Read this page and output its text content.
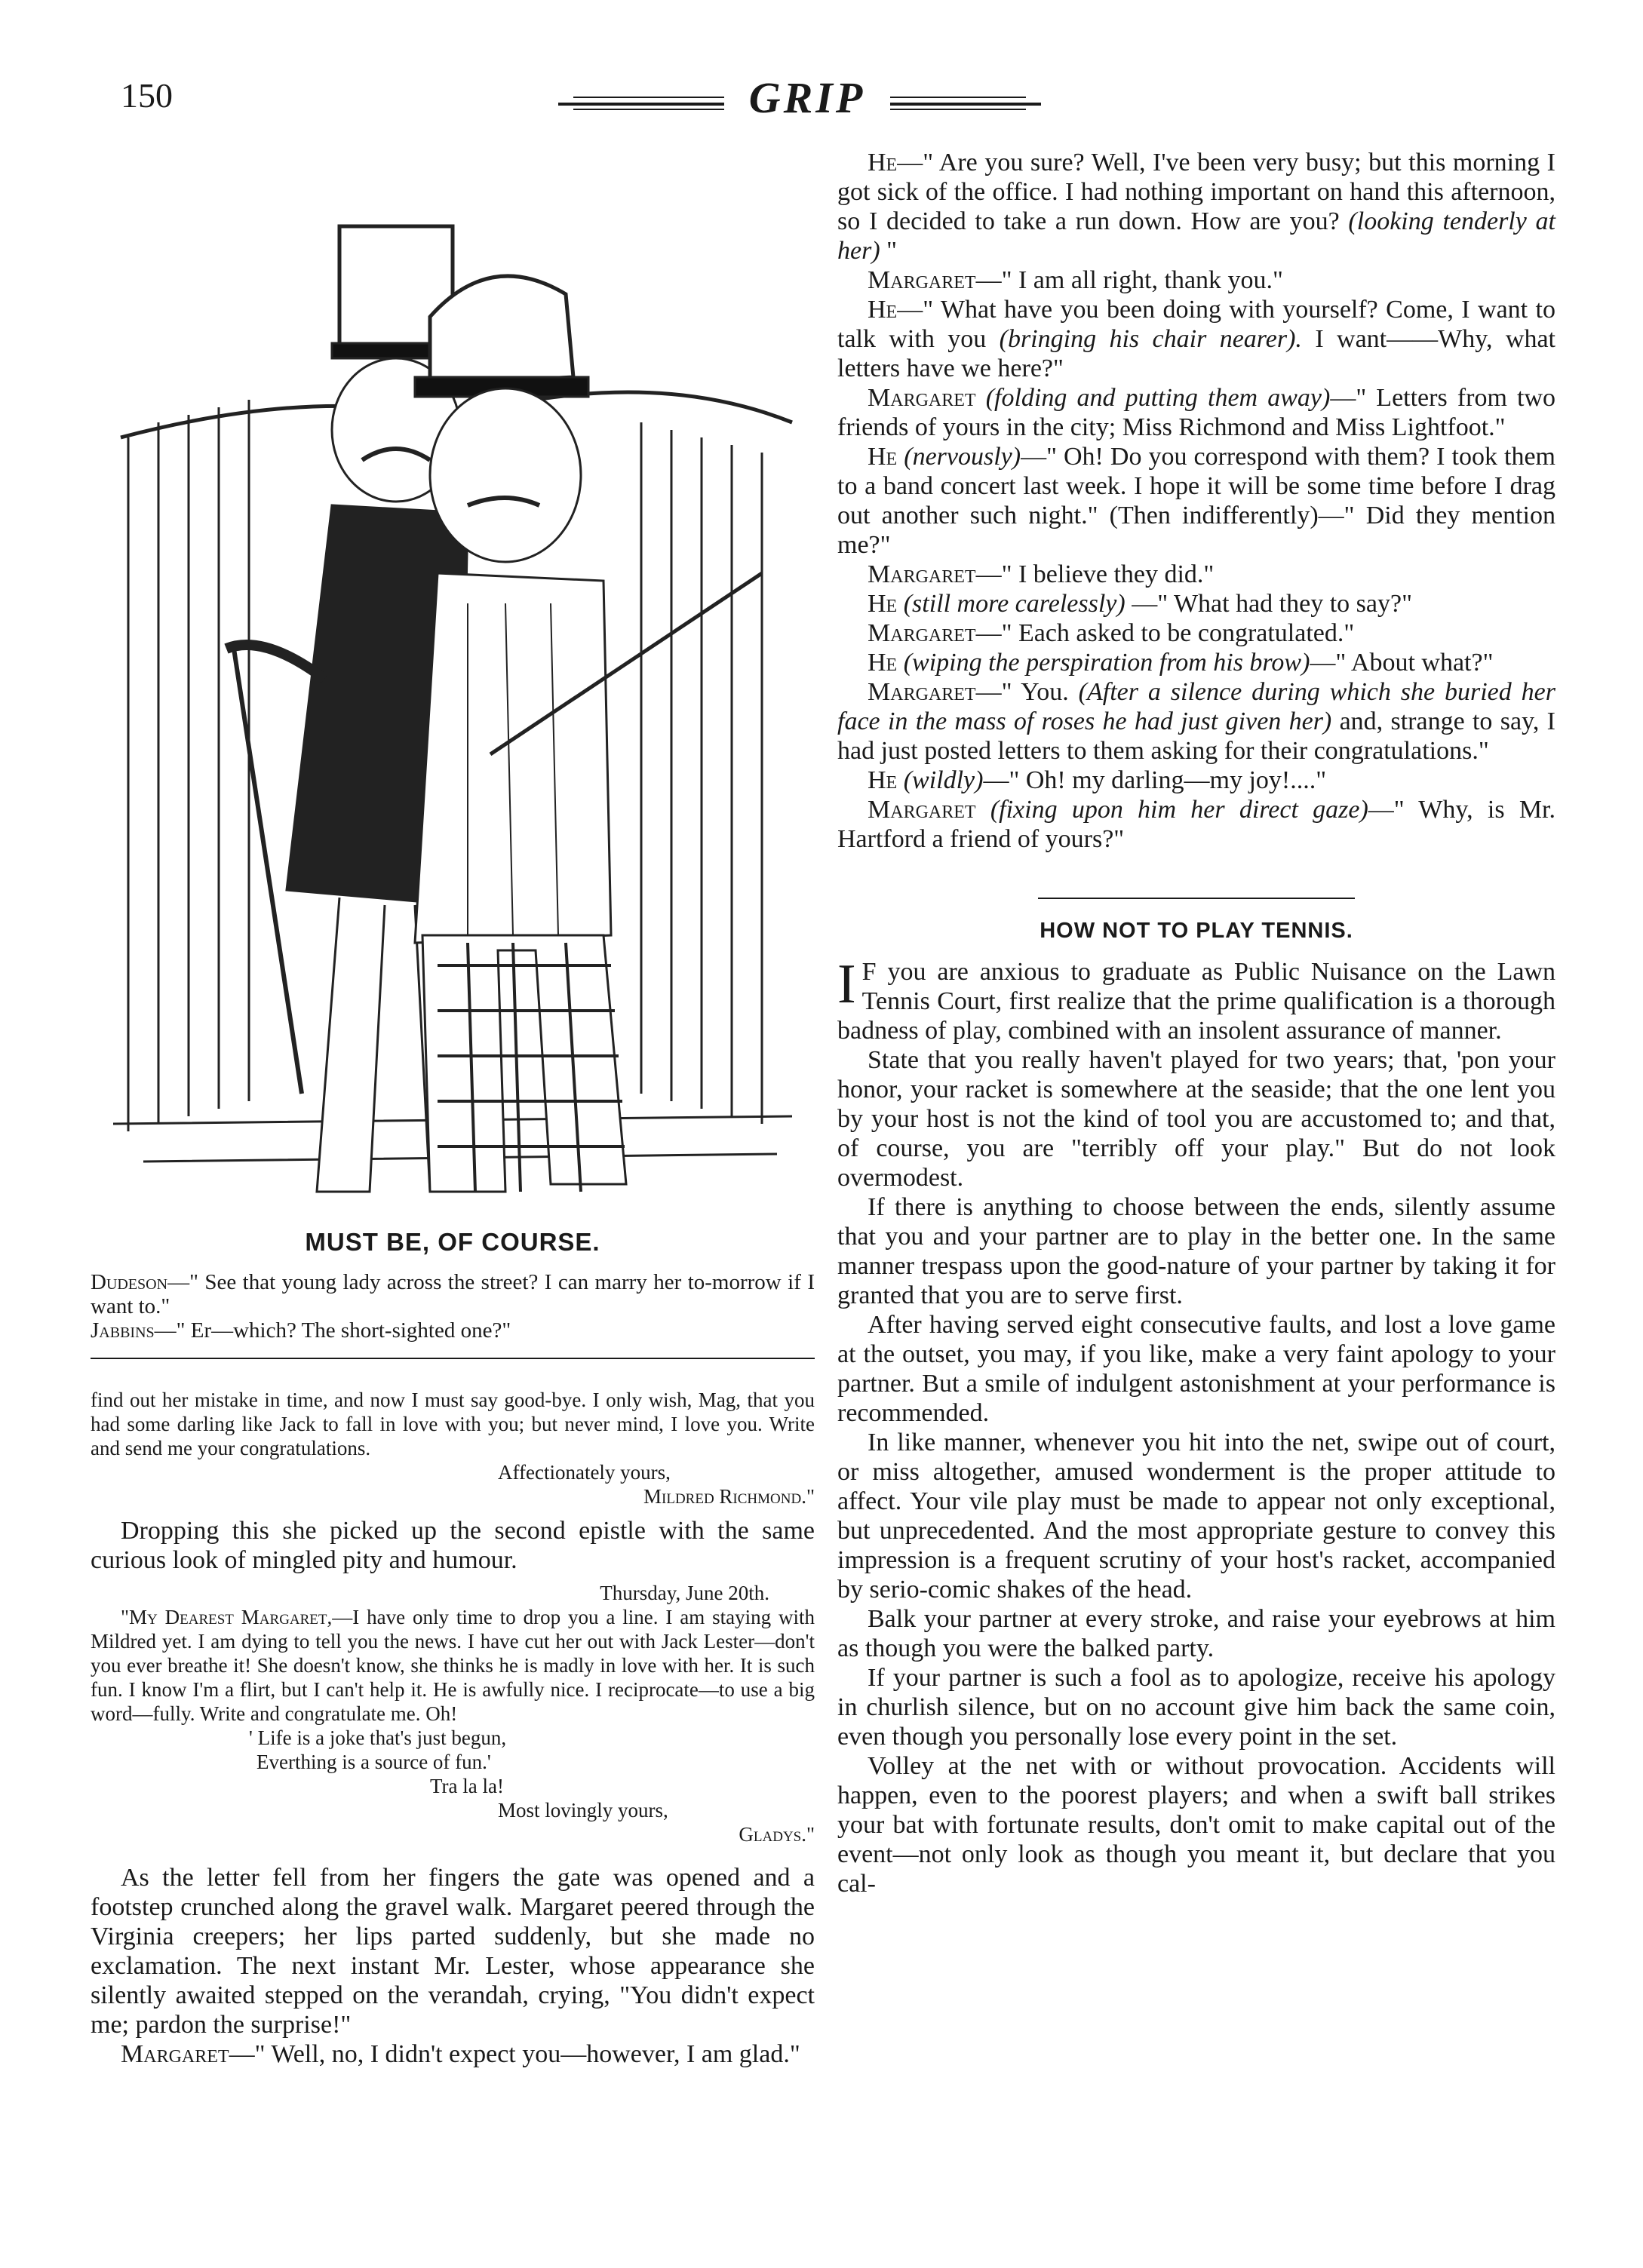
150	GRIP
MUST BE, OF COURSE.
Dudeson—" See that young lady across the street? I can marry her to-morrow if I want to."
Jabbins—" Er—which? The short-sighted one?"

find out her mistake in time, and now I must say good-bye. I only wish, Mag, that you had some darling like Jack to fall in love with you; but never mind, I love you. Write and send me your congratulations.

Affectionately yours,

Mildred Richmond."

Dropping this she picked up the second epistle with the same curious look of mingled pity and humour.

Thursday, June 20th.

"My Dearest Margaret,—I have only time to drop you a line. I am staying with Mildred yet. I am dying to tell you the news. I have cut her out with Jack Lester—don't you ever breathe it! She doesn't know, she thinks he is madly in love with her. It is such fun. I know I'm a flirt, but I can't help it. He is awfully nice. I reciprocate—to use a big word—fully. Write and congratulate me. Oh!

' Life is a joke that's just begun,

Everthing is a source of fun.'

Tra la la!

Most lovingly yours,

Gladys."

As the letter fell from her fingers the gate was opened and a footstep crunched along the gravel walk. Margaret peered through the Virginia creepers; her lips parted suddenly, but she made no exclamation. The next instant Mr. Lester, whose appearance she silently awaited stepped on the verandah, crying, "You didn't expect me; pardon the surprise!"

Margaret—" Well, no, I didn't expect you—however, I am glad."

He—" Are you sure? Well, I've been very busy; but this morning I got sick of the office. I had nothing important on hand this afternoon, so I decided to take a run down. How are you? (looking tenderly at her) "

Margaret—" I am all right, thank you."

He—" What have you been doing with yourself? Come, I want to talk with you (bringing his chair nearer). I want——Why, what letters have we here?"

Margaret (folding and putting them away)—" Letters from two friends of yours in the city; Miss Richmond and Miss Lightfoot."

He (nervously)—" Oh! Do you correspond with them? I took them to a band concert last week. I hope it will be some time before I drag out another such night." (Then indifferently)—" Did they mention me?"

Margaret—" I believe they did."

He (still more carelessly) —" What had they to say?"

Margaret—" Each asked to be congratulated."

He (wiping the perspiration from his brow)—" About what?"

Margaret—" You. (After a silence during which she buried her face in the mass of roses he had just given her) and, strange to say, I had just posted letters to them asking for their congratulations."

He (wildly)—" Oh! my darling—my joy!...."

Margaret (fixing upon him her direct gaze)—" Why, is Mr. Hartford a friend of yours?"

HOW NOT TO PLAY TENNIS.

I F you are anxious to graduate as Public Nuisance on the Lawn Tennis Court, first realize that the prime qualification is a thorough badness of play, combined with an insolent assurance of manner.

State that you really haven't played for two years; that, 'pon your honor, your racket is somewhere at the seaside; that the one lent you by your host is not the kind of tool you are accustomed to; and that, of course, you are "terribly off your play." But do not look overmodest.

If there is anything to choose between the ends, silently assume that you and your partner are to play in the better one. In the same manner trespass upon the good-nature of your partner by taking it for granted that you are to serve first.

After having served eight consecutive faults, and lost a love game at the outset, you may, if you like, make a very faint apology to your partner. But a smile of indulgent astonishment at your performance is recommended.

In like manner, whenever you hit into the net, swipe out of court, or miss altogether, amused wonderment is the proper attitude to affect. Your vile play must be made to appear not only exceptional, but unprecedented. And the most appropriate gesture to convey this impression is a frequent scrutiny of your host's racket, accompanied by serio-comic shakes of the head.

Balk your partner at every stroke, and raise your eyebrows at him as though you were the balked party.

If your partner is such a fool as to apologize, receive his apology in churlish silence, but on no account give him back the same coin, even though you personally lose every point in the set.

Volley at the net with or without provocation. Accidents will happen, even to the poorest players; and when a swift ball strikes your bat with fortunate results, don't omit to make capital out of the event—not only look as though you meant it, but declare that you cal-
